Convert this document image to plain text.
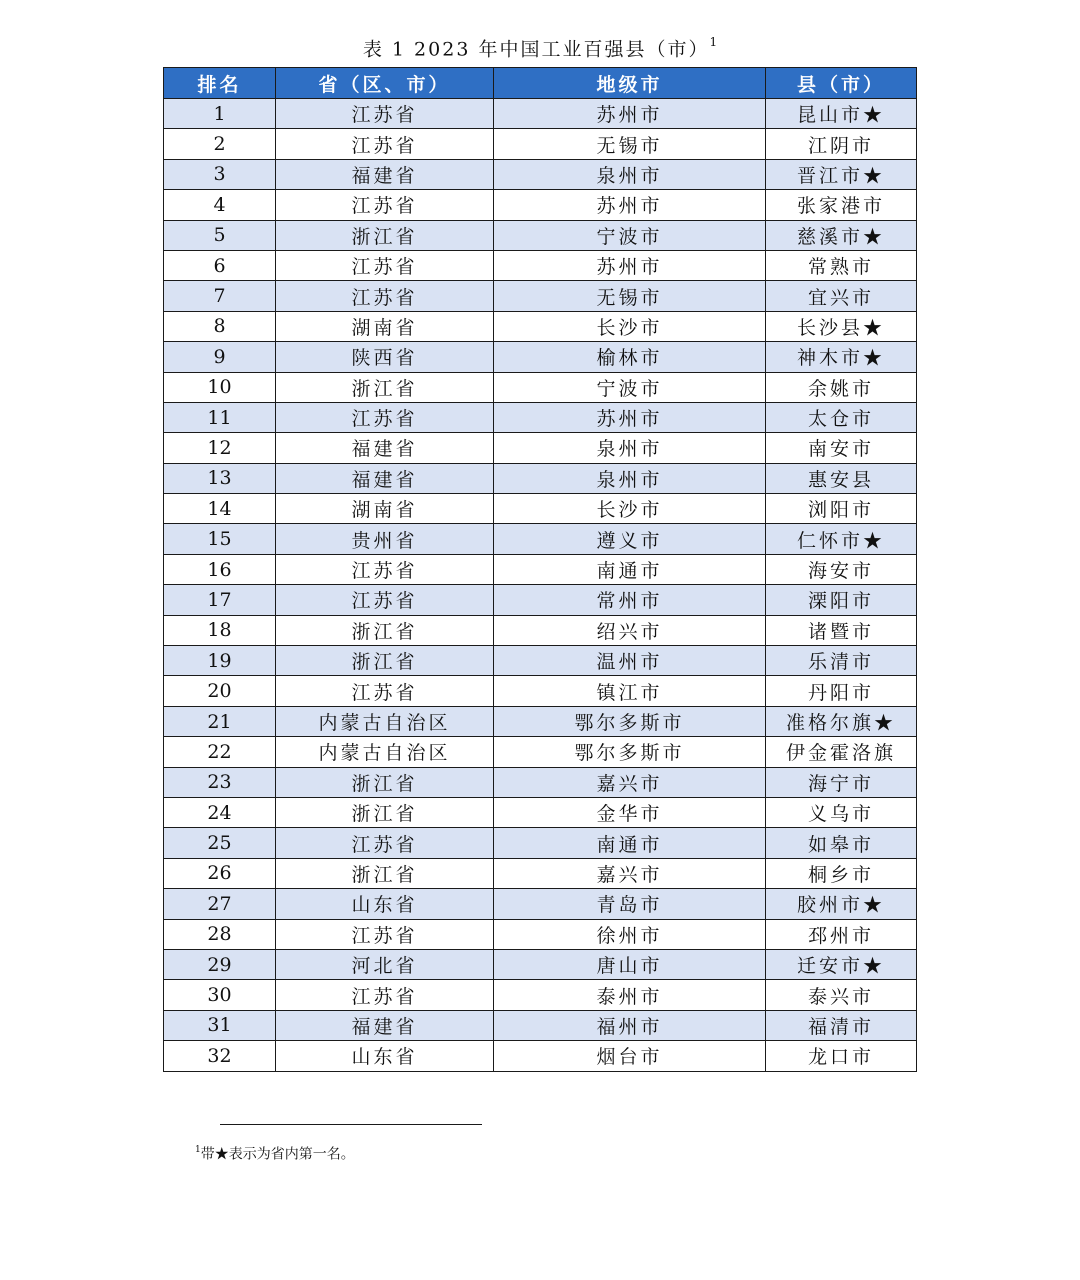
表 1 2023 年中国工业百强县（市）$^1$
排名	省（区、市）	地级市	县（市）
1	江苏省	苏州市	昆山市★
2	江苏省	无锡市	江阴市
3	福建省	泉州市	晋江市★
4	江苏省	苏州市	张家港市
5	浙江省	宁波市	慈溪市★
6	江苏省	苏州市	常熟市
7	江苏省	无锡市	宜兴市
8	湖南省	长沙市	长沙县★
9	陕西省	榆林市	神木市★
10	浙江省	宁波市	余姚市
11	江苏省	苏州市	太仓市
12	福建省	泉州市	南安市
13	福建省	泉州市	惠安县
14	湖南省	长沙市	浏阳市
15	贵州省	遵义市	仁怀市★
16	江苏省	南通市	海安市
17	江苏省	常州市	溧阳市
18	浙江省	绍兴市	诸暨市
19	浙江省	温州市	乐清市
20	江苏省	镇江市	丹阳市
21	内蒙古自治区	鄂尔多斯市	准格尔旗★
22	内蒙古自治区	鄂尔多斯市	伊金霍洛旗
23	浙江省	嘉兴市	海宁市
24	浙江省	金华市	义乌市
25	江苏省	南通市	如皋市
26	浙江省	嘉兴市	桐乡市
27	山东省	青岛市	胶州市★
28	江苏省	徐州市	邳州市
29	河北省	唐山市	迁安市★
30	江苏省	泰州市	泰兴市
31	福建省	福州市	福清市
32	山东省	烟台市	龙口市
$^1$带★表示为省内第一名。
